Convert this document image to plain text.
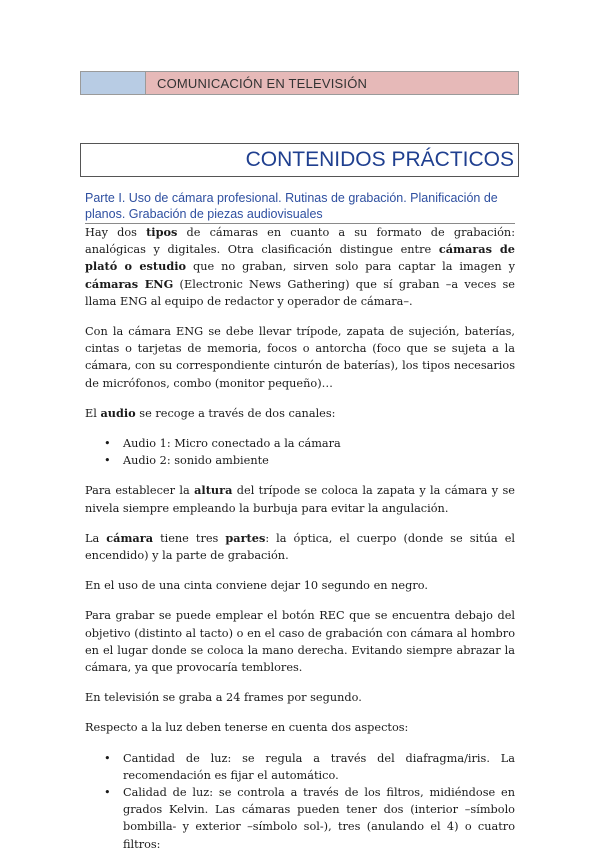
COMUNICACIÓN EN TELEVISIÓN
CONTENIDOS PRÁCTICOS
Parte I. Uso de cámara profesional. Rutinas de grabación. Planificación de planos. Grabación de piezas audiovisuales

Hay dos tipos de cámaras en cuanto a su formato de grabación: analógicas y digitales. Otra clasificación distingue entre cámaras de plató o estudio que no graban, sirven solo para captar la imagen y cámaras ENG (Electronic News Gathering) que sí graban –a veces se llama ENG al equipo de redactor y operador de cámara–.

Con la cámara ENG se debe llevar trípode, zapata de sujeción, baterías, cintas o tarjetas de memoria, focos o antorcha (foco que se sujeta a la cámara, con su correspondiente cinturón de baterías), los tipos necesarios de micrófonos, combo (monitor pequeño)…

El audio se recoge a través de dos canales:

• Audio 1: Micro conectado a la cámara
• Audio 2: sonido ambiente

Para establecer la altura del trípode se coloca la zapata y la cámara y se nivela siempre empleando la burbuja para evitar la angulación.

La cámara tiene tres partes: la óptica, el cuerpo (donde se sitúa el encendido) y la parte de grabación.

En el uso de una cinta conviene dejar 10 segundo en negro.

Para grabar se puede emplear el botón REC que se encuentra debajo del objetivo (distinto al tacto) o en el caso de grabación con cámara al hombro en el lugar donde se coloca la mano derecha. Evitando siempre abrazar la cámara, ya que provocaría temblores.

En televisión se graba a 24 frames por segundo.

Respecto a la luz deben tenerse en cuenta dos aspectos:

• Cantidad de luz: se regula a través del diafragma/iris. La recomendación es fijar el automático.
• Calidad de luz: se controla a través de los filtros, midiéndose en grados Kelvin. Las cámaras pueden tener dos (interior –símbolo bombilla- y exterior –símbolo sol-), tres (anulando el 4) o cuatro filtros:
